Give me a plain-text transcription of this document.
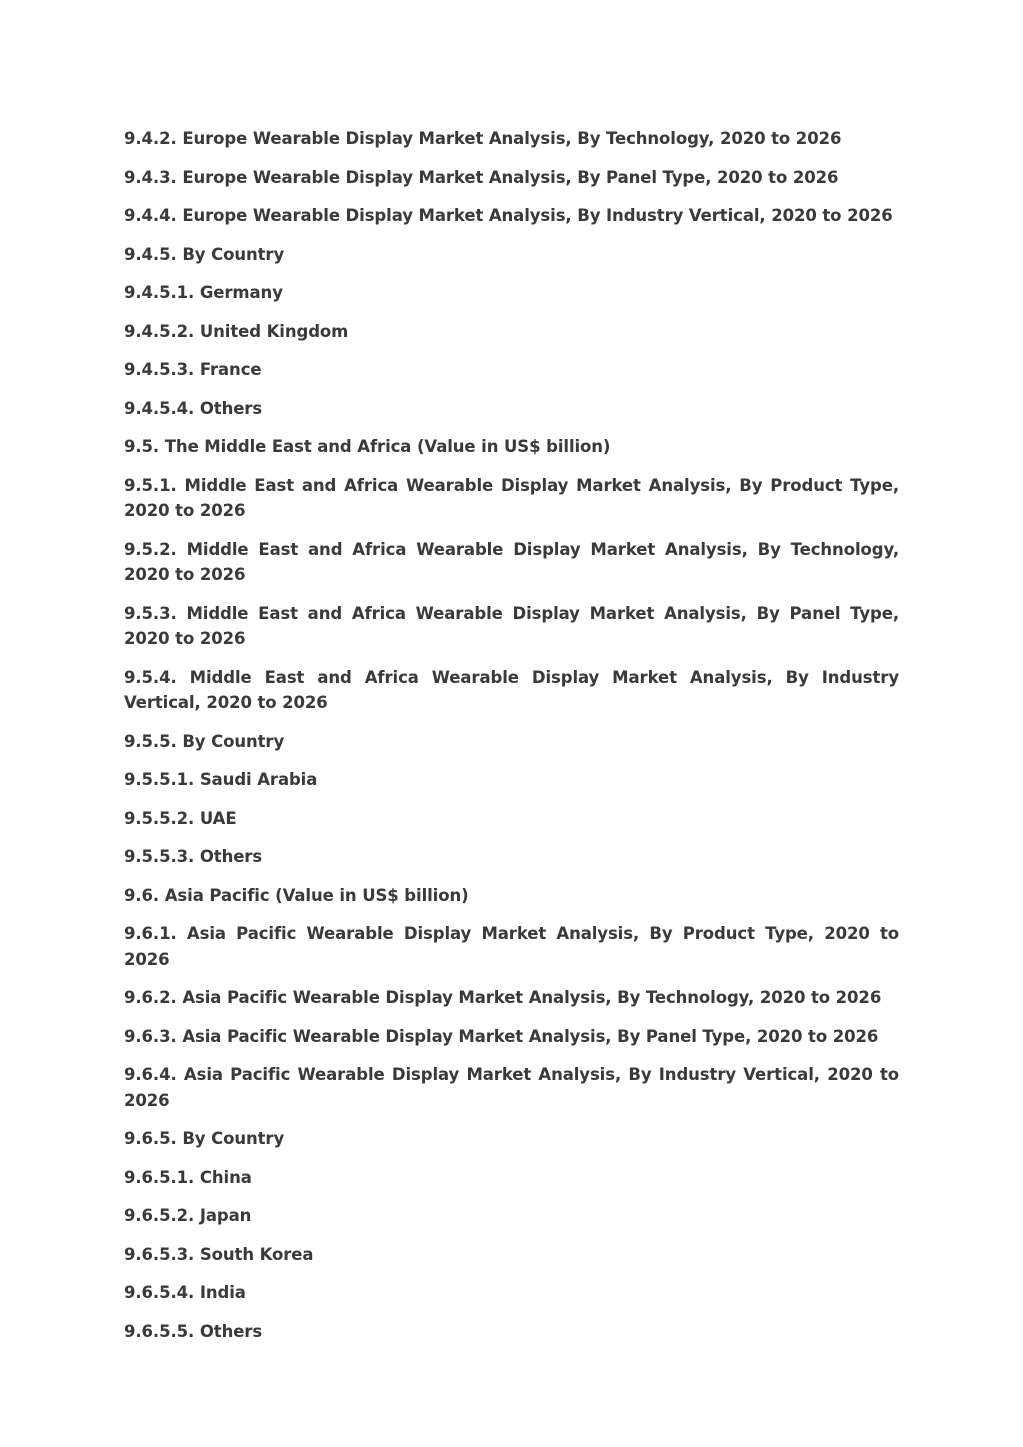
9.4.2. Europe Wearable Display Market Analysis, By Technology, 2020 to 2026

9.4.3. Europe Wearable Display Market Analysis, By Panel Type, 2020 to 2026

9.4.4. Europe Wearable Display Market Analysis, By Industry Vertical, 2020 to 2026

9.4.5. By Country

9.4.5.1. Germany

9.4.5.2. United Kingdom

9.4.5.3. France

9.4.5.4. Others

9.5. The Middle East and Africa (Value in US$ billion)

9.5.1. Middle East and Africa Wearable Display Market Analysis, By Product Type, 2020 to 2026

9.5.2. Middle East and Africa Wearable Display Market Analysis, By Technology, 2020 to 2026

9.5.3. Middle East and Africa Wearable Display Market Analysis, By Panel Type, 2020 to 2026

9.5.4. Middle East and Africa Wearable Display Market Analysis, By Industry Vertical, 2020 to 2026

9.5.5. By Country

9.5.5.1. Saudi Arabia

9.5.5.2. UAE

9.5.5.3. Others

9.6. Asia Pacific (Value in US$ billion)

9.6.1. Asia Pacific Wearable Display Market Analysis, By Product Type, 2020 to 2026

9.6.2. Asia Pacific Wearable Display Market Analysis, By Technology, 2020 to 2026

9.6.3. Asia Pacific Wearable Display Market Analysis, By Panel Type, 2020 to 2026

9.6.4. Asia Pacific Wearable Display Market Analysis, By Industry Vertical, 2020 to 2026

9.6.5. By Country

9.6.5.1. China

9.6.5.2. Japan

9.6.5.3. South Korea

9.6.5.4. India

9.6.5.5. Others
